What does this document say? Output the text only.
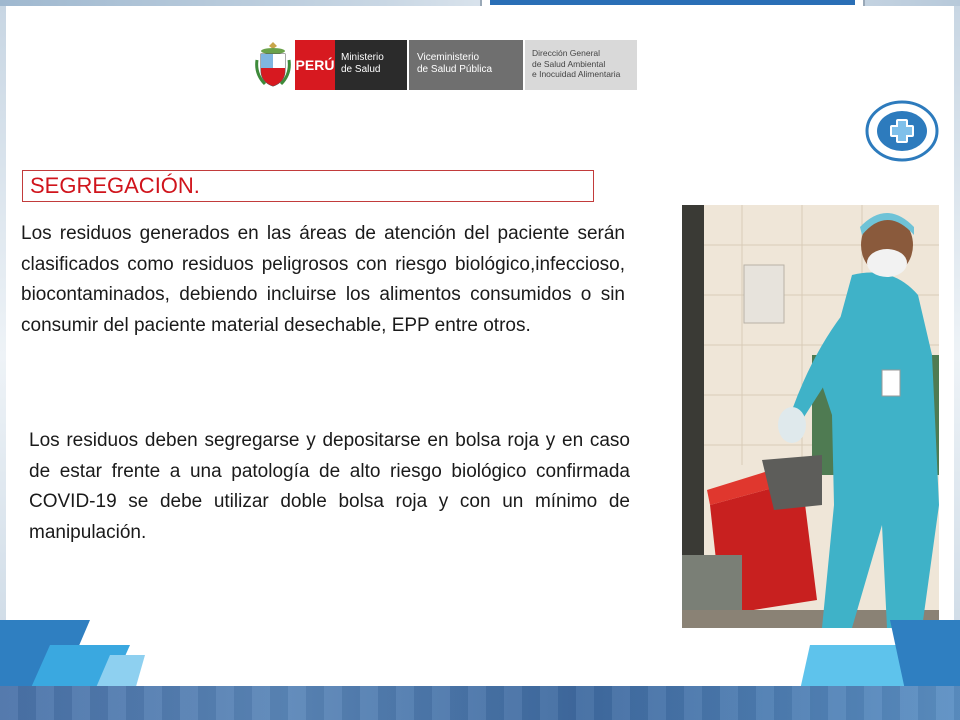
PERÚ Ministerio
de Salud
Viceministerio
de Salud Pública
Dirección General
de Salud Ambiental
e Inocuidad Alimentaria
SEGREGACIÓN.
Los residuos generados en las áreas de atención del paciente serán clasificados como residuos peligrosos con riesgo biológico,infeccioso, biocontaminados, debiendo incluirse los alimentos consumidos o sin consumir del paciente material desechable, EPP entre otros.
Los residuos deben segregarse y depositarse en bolsa roja y en caso de estar frente a una patología de alto riesgo biológico confirmada COVID-19 se debe utilizar doble bolsa roja y con un mínimo de manipulación.
